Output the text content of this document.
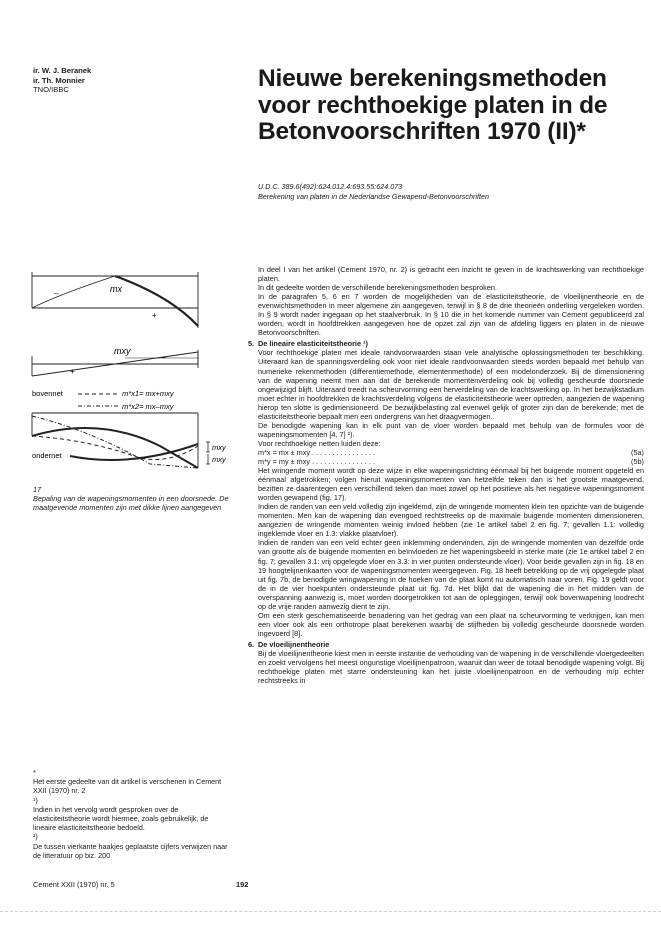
ir. W. J. Beranek
ir. Th. Monnier
TNO/IBBC	Nieuwe berekeningsmethoden voor rechthoekige platen in de Betonvoorschriften 1970 (II)*
U.D.C. 389.6(492):624.012.4:693.55:624.073
Berekening van platen in de Nederlandse Gewapend-Betonvoorschriften
–	mx
+
mxy
+
–
bovennet	m*x1= mx+mxy
m*x2= mx–mxy
ondernet
mxy
mxy
17
Bepaling van de wapeningsmomenten in een doorsnede. De maatgevende momenten zijn met dikke lijnen aangegeven
*
Het eerste gedeelte van dit artikel is verschenen in Cement XXII (1970) nr. 2
¹)
Indien in het vervolg wordt gesproken over de elasticiteitstheorie wordt hiermee, zoals gebruikelijk, de lineaire elasticiteitstheorie bedoeld.
²)
De tussen vierkante haakjes geplaatste cijfers verwijzen naar de litteratuur op biz. 200

In deel I van het artikel (Cement 1970, nr. 2) is getracht een inzicht te geven in de krachtswerking van rechthoekige platen.

In dit gedeelte worden de verschillende berekeningsmethoden besproken.

In de paragrafen 5, 6 en 7 worden de mogelijkheden van de elasticiteitstheorie, de vloeilijnentheorie en de evenwichtsmethoden in meer algemene zin aangegeven, terwijl in § 8 de drie theorieën onderling vergeleken worden. In § 9 wordt nader ingegaan op het staalverbruik. In § 10 die in het komende nummer van Cement gepubliceerd zal worden, wordt in hoofdtrekken aangegeven hoe de opzet zal zijn van de afdeling liggers en platen in de nieuwe Betonvoorschriften.

5. De lineaire elasticiteitstheorie ¹)

Voor rechthoekige platen met ideale randvoorwaarden staan vele analytische oplossingsmethoden ter beschikking. Uiteraard kan de spanningsverdeling ook voor niet ideale randvoorwaarden steeds worden bepaald met behulp van numerieke rekenmethoden (differentiemethode, elementenmethode) of een modelonderzoek. Bij de dimensionering van de wapening neemt men aan dat de berekende momentenverdeling ook bij volledig gescheurde doorsnede ongewijzigd blijft. Uiteraard treedt na scheurvorming een herverdeling van de krachtswerking op. In het bezwijkstadium moet echter in hoofdtrekken de krachtsverdeling volgens de elasticiteitstheorie weer optreden, aangezien de wapening hierop ten slotte is gedimensioneerd. De bezwijkbelasting zal evenwel gelijk of groter zijn dan de berekende; met de elasticiteitstheorie bepaalt men een ondergrens van het draagvermogen.

De benodigde wapening kan in elk punt van de vloer worden bepaald met behulp van de formules voor dè wapeningsmomenten [4, 7] ²).

Voor rechthoekige netten luiden deze:

m*x = mx ± mxy . . . . . . . . . . . . . . . .	(5a)

m*y = my ± mxy . . . . . . . . . . . . . . . .	(5b)

Het wringende moment wordt op deze wijze in elke wapeningsrichting éénmaal bij het buigende moment opgeteld en éénmaal afgetrokken; volgen hieruit wapeningsmomenten van hetzelfde teken dan is het grootste maatgevend, bezitten ze daarentegen een verschillend teken dan moet zowel op het positieve als het negatieve wapeningsmoment worden gewapend (fig. 17).

Indien de randen van een veld volledig zijn ingeklemd, zijn de wringende momenten klein ten opzichte van de buigende momenten. Men kan de wapening dan evengoed rechtstreeks op de maximale buigende momenten dimensioneren, aangezien de wringende momenten weinig invloed hebben (zie 1e artikel tabel 2 en fig. 7; gevallen 1.1: volledig ingeklemde vloer en 1.3: vlakke plaatvloer).

Indien de randen van een veld echter geen inklemming ondervinden, zijn de wringende momenten van dezelfde orde van grootte als de buigende momenten en beïnvloeden ze het wapeningsbeeld in sterke mate (zie 1e artikel tabel 2 en fig. 7; gevallen 3.1: vrij opgelegde vloer en 3.3: in vier punten ondersteunde vloer). Voor beide gevallen zijn in fig. 18 en 19 hoogtelijnenkaarten voor de wapeningsmomenten weergegeven. Fig. 18 heeft betrekking op de vrij opgelegde plaat uit fig. 7b, de benodigde wringwapening in de hoeken van de plaat komt nu automatisch naar voren. Fig. 19 geldt voor de in de vier hoekpunten ondersteunde plaat uit fig. 7d. Het blijkt dat de wapening die in het midden van de overspanning aanwezig is, moet worden doorgetrokken tot aan de opleggingen, terwijl ook bovenwapening loodrecht op de vrije randen aanwezig dient te zijn.

Om een sterk geschematiseerde benadering van het gedrag van een plaat na scheurvorming te verkrijgen, kan men een vloer ook als een orthotrope plaat berekenen waarbij de stijfheden bij volledig gescheurde doorsnede worden ingevoerd [8].

6. De vloeilijnentheorie

Bij de vloeilijnentheorie kiest men in eerste instantie de verhouding van de wapening in de verschillende vloergedeelten en zoekt vervolgens het meest ongunstige vloeilijnenpatroon, waaruit dan weer de totaal benodigde wapening volgt. Bij rechthoekige platen met starre ondersteuning kan het juiste vloeilijnenpatroon en de verhouding m/p echter rechtstreeks in

Cement XXII (1970) nr. 5	192
